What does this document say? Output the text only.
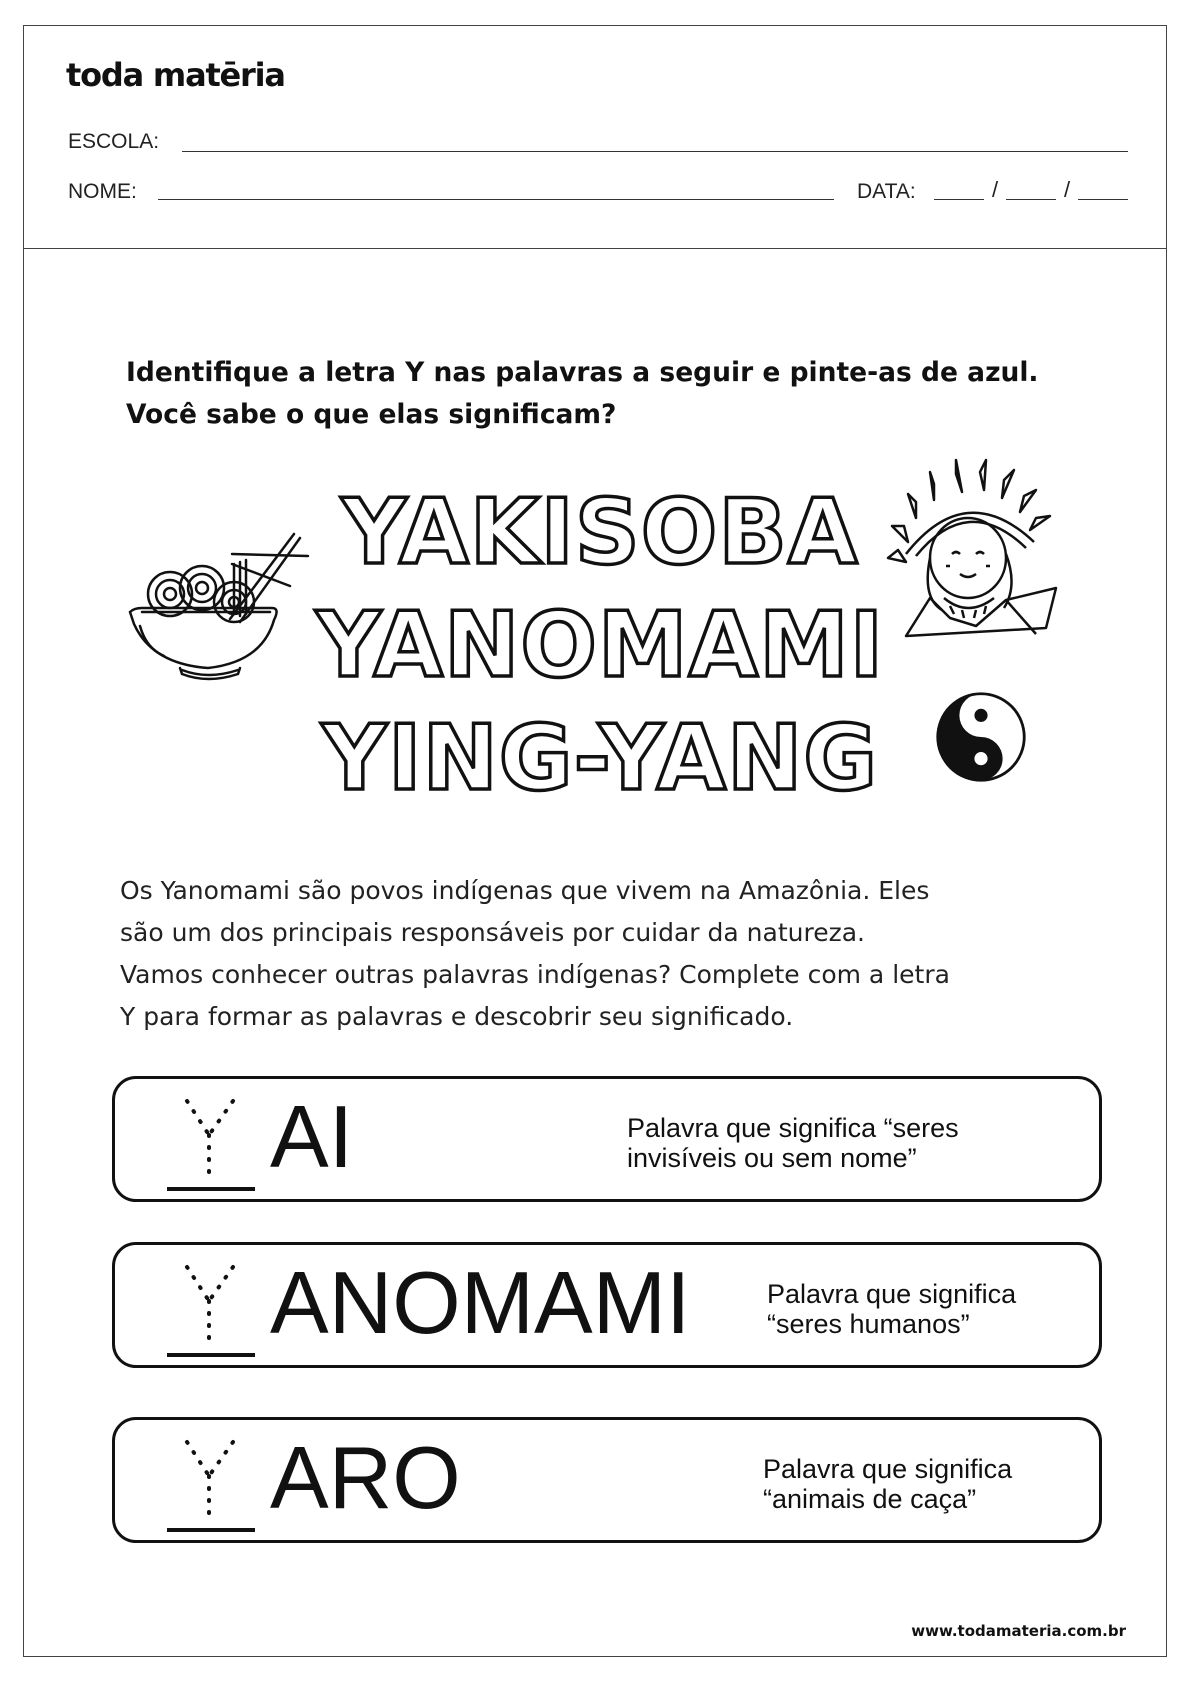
toda matēria
ESCOLA:
NOME:	DATA:	/	/
Identifique a letra Y nas palavras a seguir e pinte-as de azul.
Você sabe o que elas significam?
YAKISOBA
YANOMAMI
YING-YANG
Os Yanomami são povos indígenas que vivem na Amazônia. Eles
são um dos principais responsáveis por cuidar da natureza.
Vamos conhecer outras palavras indígenas? Complete com a letra
Y para formar as palavras e descobrir seu significado.
AI	Palavra que significa “seres
invisíveis ou sem nome”
ANOMAMI	Palavra que significa
“seres humanos”
ARO	Palavra que significa
“animais de caça”
www.todamateria.com.br
